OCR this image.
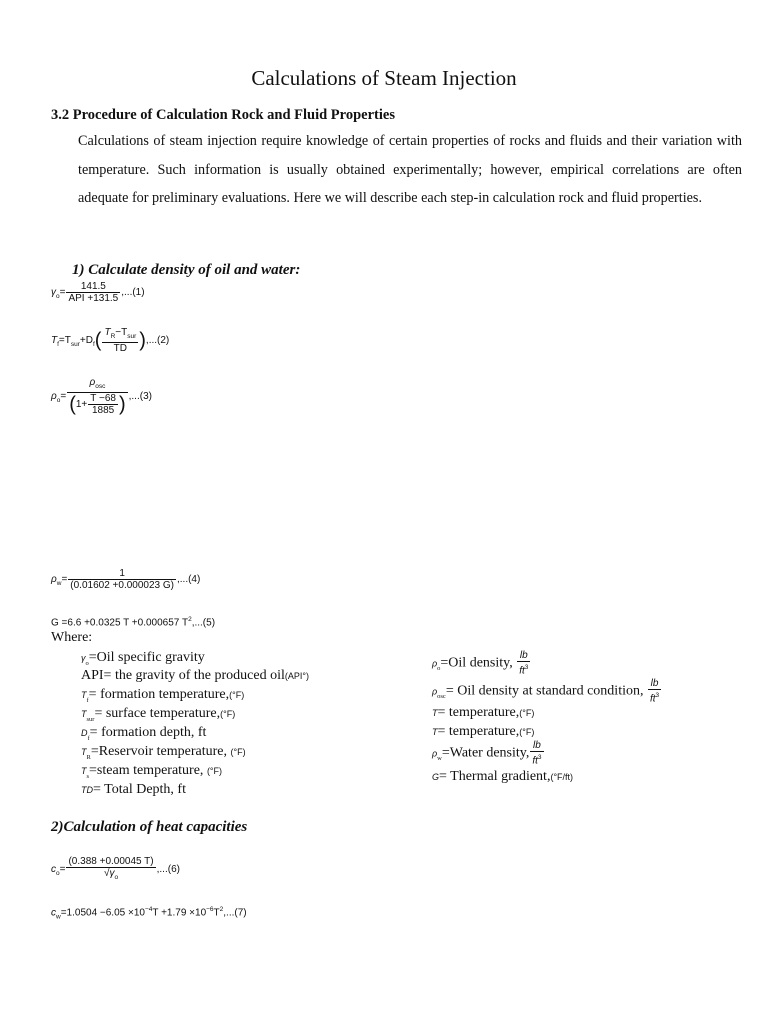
Calculations of Steam Injection
3.2 Procedure of Calculation Rock and Fluid Properties
Calculations of steam injection require knowledge of certain properties of rocks and fluids and their variation with temperature. Such information is usually obtained experimentally; however, empirical correlations are often adequate for preliminary evaluations. Here we will describe each step-in calculation rock and fluid properties.
1) Calculate density of oil and water:
$\gamma_o= \frac{141.5}{\text{API +131.5}} ,...(1)$
$T_f=T_{sur}+D_f( \frac{T_R-T_{sur}}{TD} ),...(2)$
$\rho_o= \frac{\rho_{osc}}{(1+ \frac{T -68}{1885} )} ,...(3)$
$\rho_w= \frac{1}{(0.01602 +0.000023 G)} ,...(4)$
G =6.6 +0.0325 T +0.000657 $T^2,...(5)$
Where:
$\gamma_o=Oil$ specific gravity
API= the gravity of the produced oil(API°)
$T_f=$ formation temperature,(°F)
$T_{sur}=$ surface temperature,(°F)
$D_f=$ formation depth, ft
$T_R=Reservoir$ temperature, (°F)
$T_s=steam$ temperature, (°F)
TD= Total Depth, ft
$\rho_o=Oil$ density, $\frac{lb}{ft^3}$
$\rho_{osc}=$ Oil density at standard condition, $\frac{lb}{ft^3}$
T= temperature,(°F)
T= temperature,(°F)
$\rho_w=Water$ density, $\frac{lb}{ft^3}$
G= Thermal gradient,(°F/ft)
2)Calculation of heat capacities
$c_o= \frac{(0.388 +0.00045 T)}{√\gamma_o} ,...(6)$
$c_w=1.0504 -6.05 \times 10^{-4}T +1.79 \times 10^{-6}T^2,...(7)$
